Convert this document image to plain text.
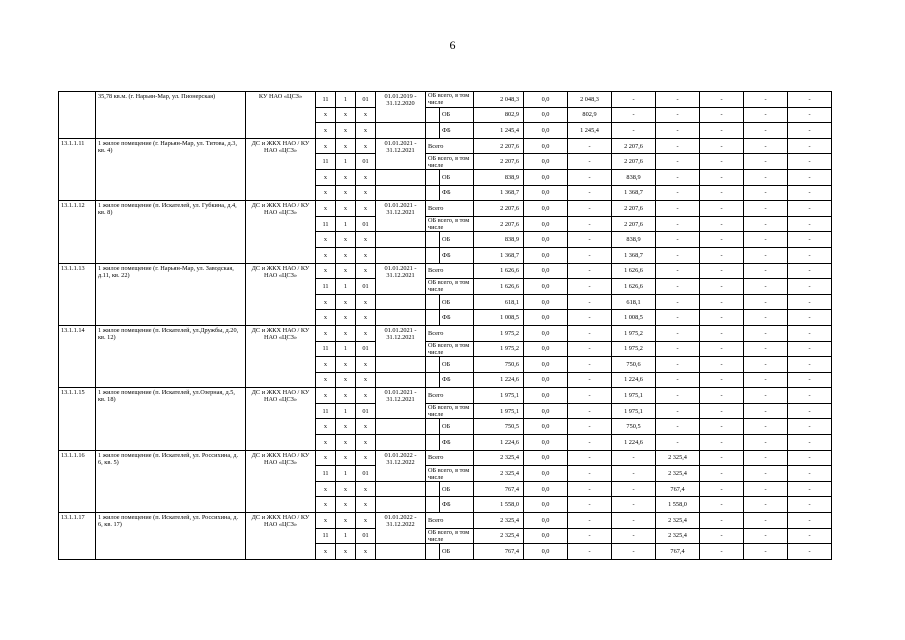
6
	35,78 кв.м. (г. Нарьян-Мар, ул. Пионерская)	КУ НАО «ЦСЗ»	11	1	01	01.01.2019 - 31.12.2020	ОБ всего, в том числе		2 048,3	0,0	2 048,3	-	-	-	-	-
			х	х	х			ОБ	802,9	0,0	802,9	-	-	-	-	-
			х	х	х			ФБ	1 245,4	0,0	1 245,4	-	-	-	-	-
13.1.1.11	1 жилое помещение (г. Нарьян-Мар, ул. Титова, д.3, кв. 4)	ДС и ЖКХ НАО / КУ НАО «ЦСЗ»	х	х	х	01.01.2021 - 31.12.2021	Всего		2 207,6	0,0	-	2 207,6	-	-	-	-
			11	1	01		ОБ всего, в том числе		2 207,6	0,0	-	2 207,6	-	-	-	-
			х	х	х			ОБ	838,9	0,0	-	838,9	-	-	-	-
			х	х	х			ФБ	1 368,7	0,0	-	1 368,7	-	-	-	-
13.1.1.12	1 жилое помещение (п. Искателей, ул. Губкина, д.4, кв. 8)	ДС и ЖКХ НАО / КУ НАО «ЦСЗ»	х	х	х	01.01.2021 - 31.12.2021	Всего		2 207,6	0,0	-	2 207,6	-	-	-	-
			11	1	01		ОБ всего, в том числе		2 207,6	0,0	-	2 207,6	-	-	-	-
			х	х	х			ОБ	838,9	0,0	-	838,9	-	-	-	-
			х	х	х			ФБ	1 368,7	0,0	-	1 368,7	-	-	-	-
13.1.1.13	1 жилое помещение (г. Нарьян-Мар, ул. Заводская, д.11, кв. 22)	ДС и ЖКХ НАО / КУ НАО «ЦСЗ»	х	х	х	01.01.2021 - 31.12.2021	Всего		1 626,6	0,0	-	1 626,6	-	-	-	-
			11	1	01		ОБ всего, в том числе		1 626,6	0,0	-	1 626,6	-	-	-	-
			х	х	х			ОБ	618,1	0,0	-	618,1	-	-	-	-
			х	х	х			ФБ	1 008,5	0,0	-	1 008,5	-	-	-	-
13.1.1.14	1 жилое помещение (п. Искателей, ул.Дружбы, д.20, кв. 12)	ДС и ЖКХ НАО / КУ НАО «ЦСЗ»	х	х	х	01.01.2021 - 31.12.2021	Всего		1 975,2	0,0	-	1 975,2	-	-	-	-
			11	1	01		ОБ всего, в том числе		1 975,2	0,0	-	1 975,2	-	-	-	-
			х	х	х			ОБ	750,6	0,0	-	750,6	-	-	-	-
			х	х	х			ФБ	1 224,6	0,0	-	1 224,6	-	-	-	-
13.1.1.15	1 жилое помещение (п. Искателей, ул.Озерная, д.5, кв. 18)	ДС и ЖКХ НАО / КУ НАО «ЦСЗ»	х	х	х	01.01.2021 - 31.12.2021	Всего		1 975,1	0,0	-	1 975,1	-	-	-	-
			11	1	01		ОБ всего, в том числе		1 975,1	0,0	-	1 975,1	-	-	-	-
			х	х	х			ОБ	750,5	0,0	-	750,5	-	-	-	-
			х	х	х			ФБ	1 224,6	0,0	-	1 224,6	-	-	-	-
13.1.1.16	1 жилое помещение (п. Искателей, ул. Россихина, д. 6, кв. 5)	ДС и ЖКХ НАО / КУ НАО «ЦСЗ»	х	х	х	01.01.2022 - 31.12.2022	Всего		2 325,4	0,0	-	-	2 325,4	-	-	-
			11	1	01		ОБ всего, в том числе		2 325,4	0,0	-	-	2 325,4	-	-	-
			х	х	х			ОБ	767,4	0,0	-	-	767,4	-	-	-
			х	х	х			ФБ	1 558,0	0,0	-	-	1 558,0	-	-	-
13.1.1.17	1 жилое помещение (п. Искателей, ул. Россихина, д. 6, кв. 17)	ДС и ЖКХ НАО / КУ НАО «ЦСЗ»	х	х	х	01.01.2022 - 31.12.2022	Всего		2 325,4	0,0	-	-	2 325,4	-	-	-
			11	1	01		ОБ всего, в том числе		2 325,4	0,0	-	-	2 325,4	-	-	-
			х	х	х			ОБ	767,4	0,0	-	-	767,4	-	-	-
